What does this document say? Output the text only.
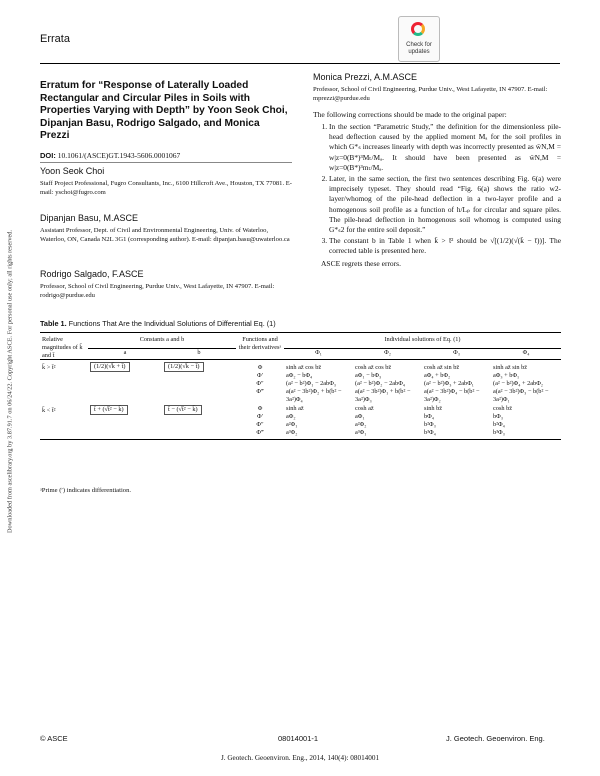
Errata	Check for updates
Erratum for “Response of Laterally Loaded Rectangular and Circular Piles in Soils with Properties Varying with Depth” by Yoon Seok Choi, Dipanjan Basu, Rodrigo Salgado, and Monica Prezzi
DOI: 10.1061/(ASCE)GT.1943-5606.0001067
Yoon Seok Choi
Staff Project Professional, Fugro Consultants, Inc., 6100 Hillcroft Ave., Houston, TX 77081. E-mail: yschoi@fugro.com
Dipanjan Basu, M.ASCE
Assistant Professor, Dept. of Civil and Environmental Engineering, Univ. of Waterloo, Waterloo, ON, Canada N2L 3G1 (corresponding author). E-mail: dipanjan.basu@uwaterloo.ca
Rodrigo Salgado, F.ASCE
Professor, School of Civil Engineering, Purdue Univ., West Lafayette, IN 47907. E-mail: rodrigo@purdue.edu
Monica Prezzi, A.M.ASCE
Professor, School of Civil Engineering, Purdue Univ., West Lafayette, IN 47907. E-mail: mprezzi@purdue.edu
The following corrections should be made to the original paper:
1. In the section “Parametric Study,” the definition for the dimensionless pile-head deflection caused by the applied moment Mₐ for the soil profiles in which G*ₛ increases linearly with depth was incorrectly presented as w̄N,M = w|z=0(B*)³Mₜ/Mₐ. It should have been presented as w̄N,M = w|z=0(B*)³mₜ/Mₐ.
2. Later, in the same section, the first two sentences describing Fig. 6(a) were imprecisely typeset. They should read “Fig. 6(a) shows the ratio w2-layer/whomog of the pile-head deflection in a two-layer profile and a homogenous soil profile as a function of h/Lₚ for circular and square piles. The pile-head deflection in homogenous soil whomog is computed using G*ₛ2 for the entire soil deposit.”
3. The constant b in Table 1 when k̄ > t̄² should be √[(1/2)(√(k̄ − t̄))]. The corrected table is presented here.
ASCE regrets these errors.
Table 1. Functions That Are the Individual Solutions of Differential Eq. (1)
Relative magnitudes of k̄ and t̄	Constants a and b		Functions and their derivativesᵃ	Individual solutions of Eq. (1)			
	a	b		Φ₁	Φ₂	Φ₃	Φ₄
k̄ > t̄²	(1/2)(√k̄ + t̄)	(1/2)(√k̄ − t̄)	Φ	sinh az̄ cos bz̄	cosh az̄ cos bz̄	cosh az̄ sin bz̄	sinh az̄ sin bz̄
			Φ′	aΦ₂ − bΦ₄	aΦ₁ − bΦ₃	aΦ₄ + bΦ₂	aΦ₃ + bΦ₁
			Φ″	(a² − b²)Φ₁ − 2abΦ₃	(a² − b²)Φ₂ − 2abΦ₄	(a² − b²)Φ₃ + 2abΦ₁	(a² − b²)Φ₄ + 2abΦ₂
			Φ‴	a(a² − 3b²)Φ₂ + b(b² − 3a²)Φ₄	a(a² − 3b²)Φ₁ + b(b² − 3a²)Φ₃	a(a² − 3b²)Φ₄ − b(b² − 3a²)Φ₂	a(a² − 3b²)Φ₃ − b(b² − 3a²)Φ₁
k̄ < t̄²	t̄ + (√t̄² − k̄)	t̄ − (√t̄² − k̄)	Φ	sinh az̄	cosh az̄	sinh bz̄	cosh bz̄
			Φ′	aΦ₂	aΦ₁	bΦ₄	bΦ₃
			Φ″	a²Φ₁	a²Φ₂	b²Φ₃	b²Φ₄
			Φ‴	a³Φ₂	a³Φ₁	b³Φ₄	b³Φ₃
ᵃPrime (′) indicates differentiation.
© ASCE	08014001-1	J. Geotech. Geoenviron. Eng.
J. Geotech. Geoenviron. Eng., 2014, 140(4): 08014001
Downloaded from ascelibrary.org by 3.87.91.7 on 06/24/22. Copyright ASCE. For personal use only; all rights reserved.
